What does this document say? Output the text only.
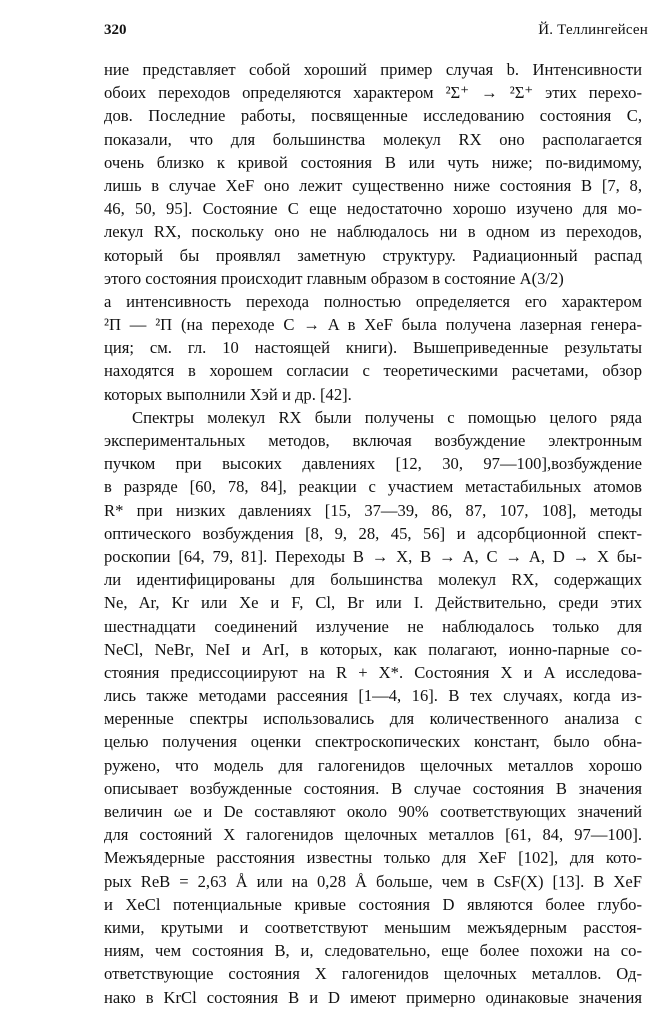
320	Й. Теллингейсен
ние представляет собой хороший пример случая b. Интенсивности
обоих переходов определяются характером ²Σ⁺ → ²Σ⁺ этих перехо-
дов. Последние работы, посвященные исследованию состояния C,
показали, что для большинства молекул RX оно располагается
очень близко к кривой состояния B или чуть ниже; по-видимому,
лишь в случае XeF оно лежит существенно ниже состояния B [7, 8,
46, 50, 95]. Состояние C еще недостаточно хорошо изучено для мо-
лекул RX, поскольку оно не наблюдалось ни в одном из переходов,
который бы проявлял заметную структуру. Радиационный распад
этого состояния происходит главным образом в состояние A(3/2)
а интенсивность перехода полностью определяется его характером
²Π — ²Π (на переходе C → A в XeF была получена лазерная генера-
ция; см. гл. 10 настоящей книги). Вышеприведенные результаты
находятся в хорошем согласии с теоретическими расчетами, обзор
которых выполнили Хэй и др. [42].
Спектры молекул RX были получены с помощью целого ряда
экспериментальных методов, включая возбуждение электронным
пучком при высоких давлениях [12, 30, 97—100],возбуждение
в разряде [60, 78, 84], реакции с участием метастабильных атомов
R* при низких давлениях [15, 37—39, 86, 87, 107, 108], методы
оптического возбуждения [8, 9, 28, 45, 56] и адсорбционной спект-
роскопии [64, 79, 81]. Переходы B → X, B → A, C → A, D → X бы-
ли идентифицированы для большинства молекул RX, содержащих
Ne, Ar, Kr или Xe и F, Cl, Br или I. Действительно, среди этих
шестнадцати соединений излучение не наблюдалось только для
NeCl, NeBr, NeI и ArI, в которых, как полагают, ионно-парные со-
стояния предиссоциируют на R + X*. Состояния X и A исследова-
лись также методами рассеяния [1—4, 16]. В тех случаях, когда из-
меренные спектры использовались для количественного анализа с
целью получения оценки спектроскопических констант, было обна-
ружено, что модель для галогенидов щелочных металлов хорошо
описывает возбужденные состояния. В случае состояния B значения
величин ωe и De составляют около 90% соответствующих значений
для состояний X галогенидов щелочных металлов [61, 84, 97—100].
Межъядерные расстояния известны только для XeF [102], для кото-
рых ReB = 2,63 Å или на 0,28 Å больше, чем в CsF(X) [13]. В XeF
и XeCl потенциальные кривые состояния D являются более глубо-
кими, крутыми и соответствуют меньшим межъядерным расстоя-
ниям, чем состояния B, и, следовательно, еще более похожи на со-
ответствующие состояния X галогенидов щелочных металлов. Од-
нако в KrCl состояния B и D имеют примерно одинаковые значения
